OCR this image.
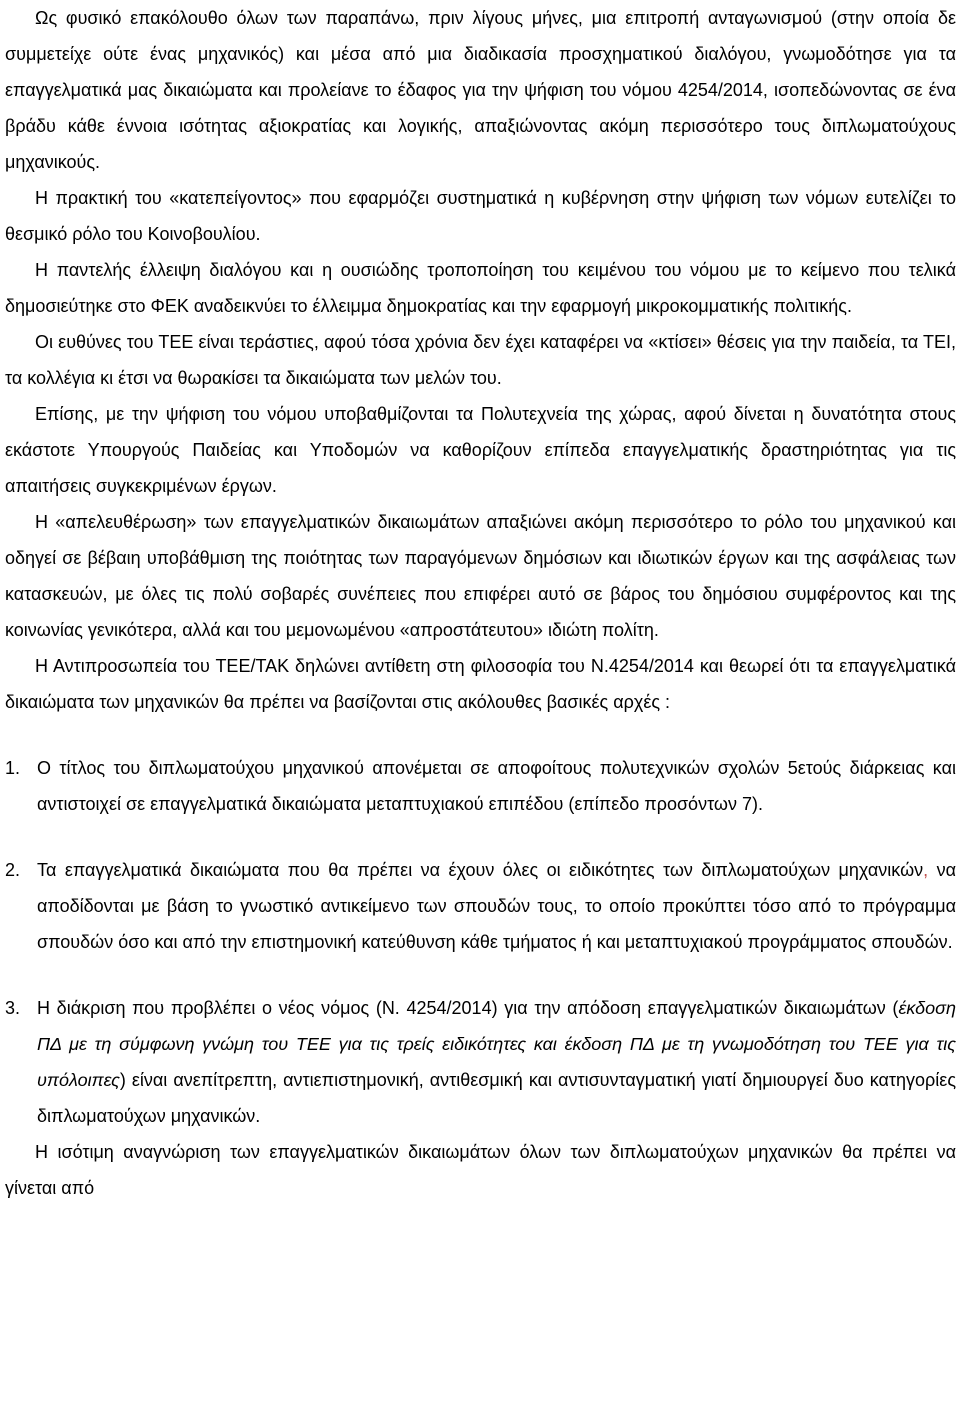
Ως φυσικό επακόλουθο όλων των παραπάνω, πριν λίγους μήνες, μια επιτροπή ανταγωνισμού (στην οποία δε συμμετείχε ούτε ένας μηχανικός) και μέσα από μια διαδικασία προσχηματικού διαλόγου, γνωμοδότησε για τα επαγγελματικά μας δικαιώματα και προλείανε το έδαφος για την ψήφιση του νόμου 4254/2014, ισοπεδώνοντας σε ένα βράδυ κάθε έννοια ισότητας αξιοκρατίας και λογικής, απαξιώνοντας ακόμη περισσότερο τους διπλωματούχους μηχανικούς.

Η πρακτική του «κατεπείγοντος» που εφαρμόζει συστηματικά η κυβέρνηση στην ψήφιση των νόμων ευτελίζει το θεσμικό ρόλο του Κοινοβουλίου.

Η παντελής έλλειψη διαλόγου και η ουσιώδης τροποποίηση του κειμένου του νόμου με το κείμενο που τελικά δημοσιεύτηκε στο ΦΕΚ αναδεικνύει το έλλειμμα δημοκρατίας και την εφαρμογή μικροκομματικής πολιτικής.

Οι ευθύνες του ΤΕΕ είναι τεράστιες, αφού τόσα χρόνια δεν έχει καταφέρει να «κτίσει» θέσεις για την παιδεία, τα ΤΕΙ, τα κολλέγια κι έτσι να θωρακίσει τα δικαιώματα των μελών του.

Επίσης, με την ψήφιση του νόμου υποβαθμίζονται τα Πολυτεχνεία της χώρας, αφού δίνεται η δυνατότητα στους εκάστοτε Υπουργούς Παιδείας και Υποδομών να καθορίζουν επίπεδα επαγγελματικής δραστηριότητας για τις απαιτήσεις συγκεκριμένων έργων.

Η «απελευθέρωση» των επαγγελματικών δικαιωμάτων απαξιώνει ακόμη περισσότερο το ρόλο του μηχανικού και οδηγεί σε βέβαιη υποβάθμιση της ποιότητας των παραγόμενων δημόσιων και ιδιωτικών έργων και της ασφάλειας των κατασκευών, με όλες τις πολύ σοβαρές συνέπειες που επιφέρει αυτό σε βάρος του δημόσιου συμφέροντος και της κοινωνίας γενικότερα, αλλά και του μεμονωμένου «απροστάτευτου» ιδιώτη πολίτη.

Η Αντιπροσωπεία του ΤΕΕ/ΤΑΚ δηλώνει αντίθετη στη φιλοσοφία του Ν.4254/2014 και θεωρεί ότι τα επαγγελματικά δικαιώματα των μηχανικών θα πρέπει να βασίζονται στις ακόλουθες βασικές αρχές :

1. Ο τίτλος του διπλωματούχου μηχανικού απονέμεται σε αποφοίτους πολυτεχνικών σχολών 5ετούς διάρκειας και αντιστοιχεί σε επαγγελματικά δικαιώματα μεταπτυχιακού επιπέδου (επίπεδο προσόντων 7).
2. Τα επαγγελματικά δικαιώματα που θα πρέπει να έχουν όλες οι ειδικότητες των διπλωματούχων μηχανικών, να αποδίδονται με βάση το γνωστικό αντικείμενο των σπουδών τους, το οποίο προκύπτει τόσο από το πρόγραμμα σπουδών όσο και από την επιστημονική κατεύθυνση κάθε τμήματος ή και μεταπτυχιακού προγράμματος σπουδών.
3. Η διάκριση που προβλέπει ο νέος νόμος (Ν. 4254/2014) για την απόδοση επαγγελματικών δικαιωμάτων (έκδοση ΠΔ με τη σύμφωνη γνώμη του ΤΕΕ για τις τρείς ειδικότητες και έκδοση ΠΔ με τη γνωμοδότηση του ΤΕΕ για τις υπόλοιπες) είναι ανεπίτρεπτη, αντιεπιστημονική, αντιθεσμική και αντισυνταγματική γιατί δημιουργεί δυο κατηγορίες διπλωματούχων μηχανικών.

Η ισότιμη αναγνώριση των επαγγελματικών δικαιωμάτων όλων των διπλωματούχων μηχανικών θα πρέπει να γίνεται από
